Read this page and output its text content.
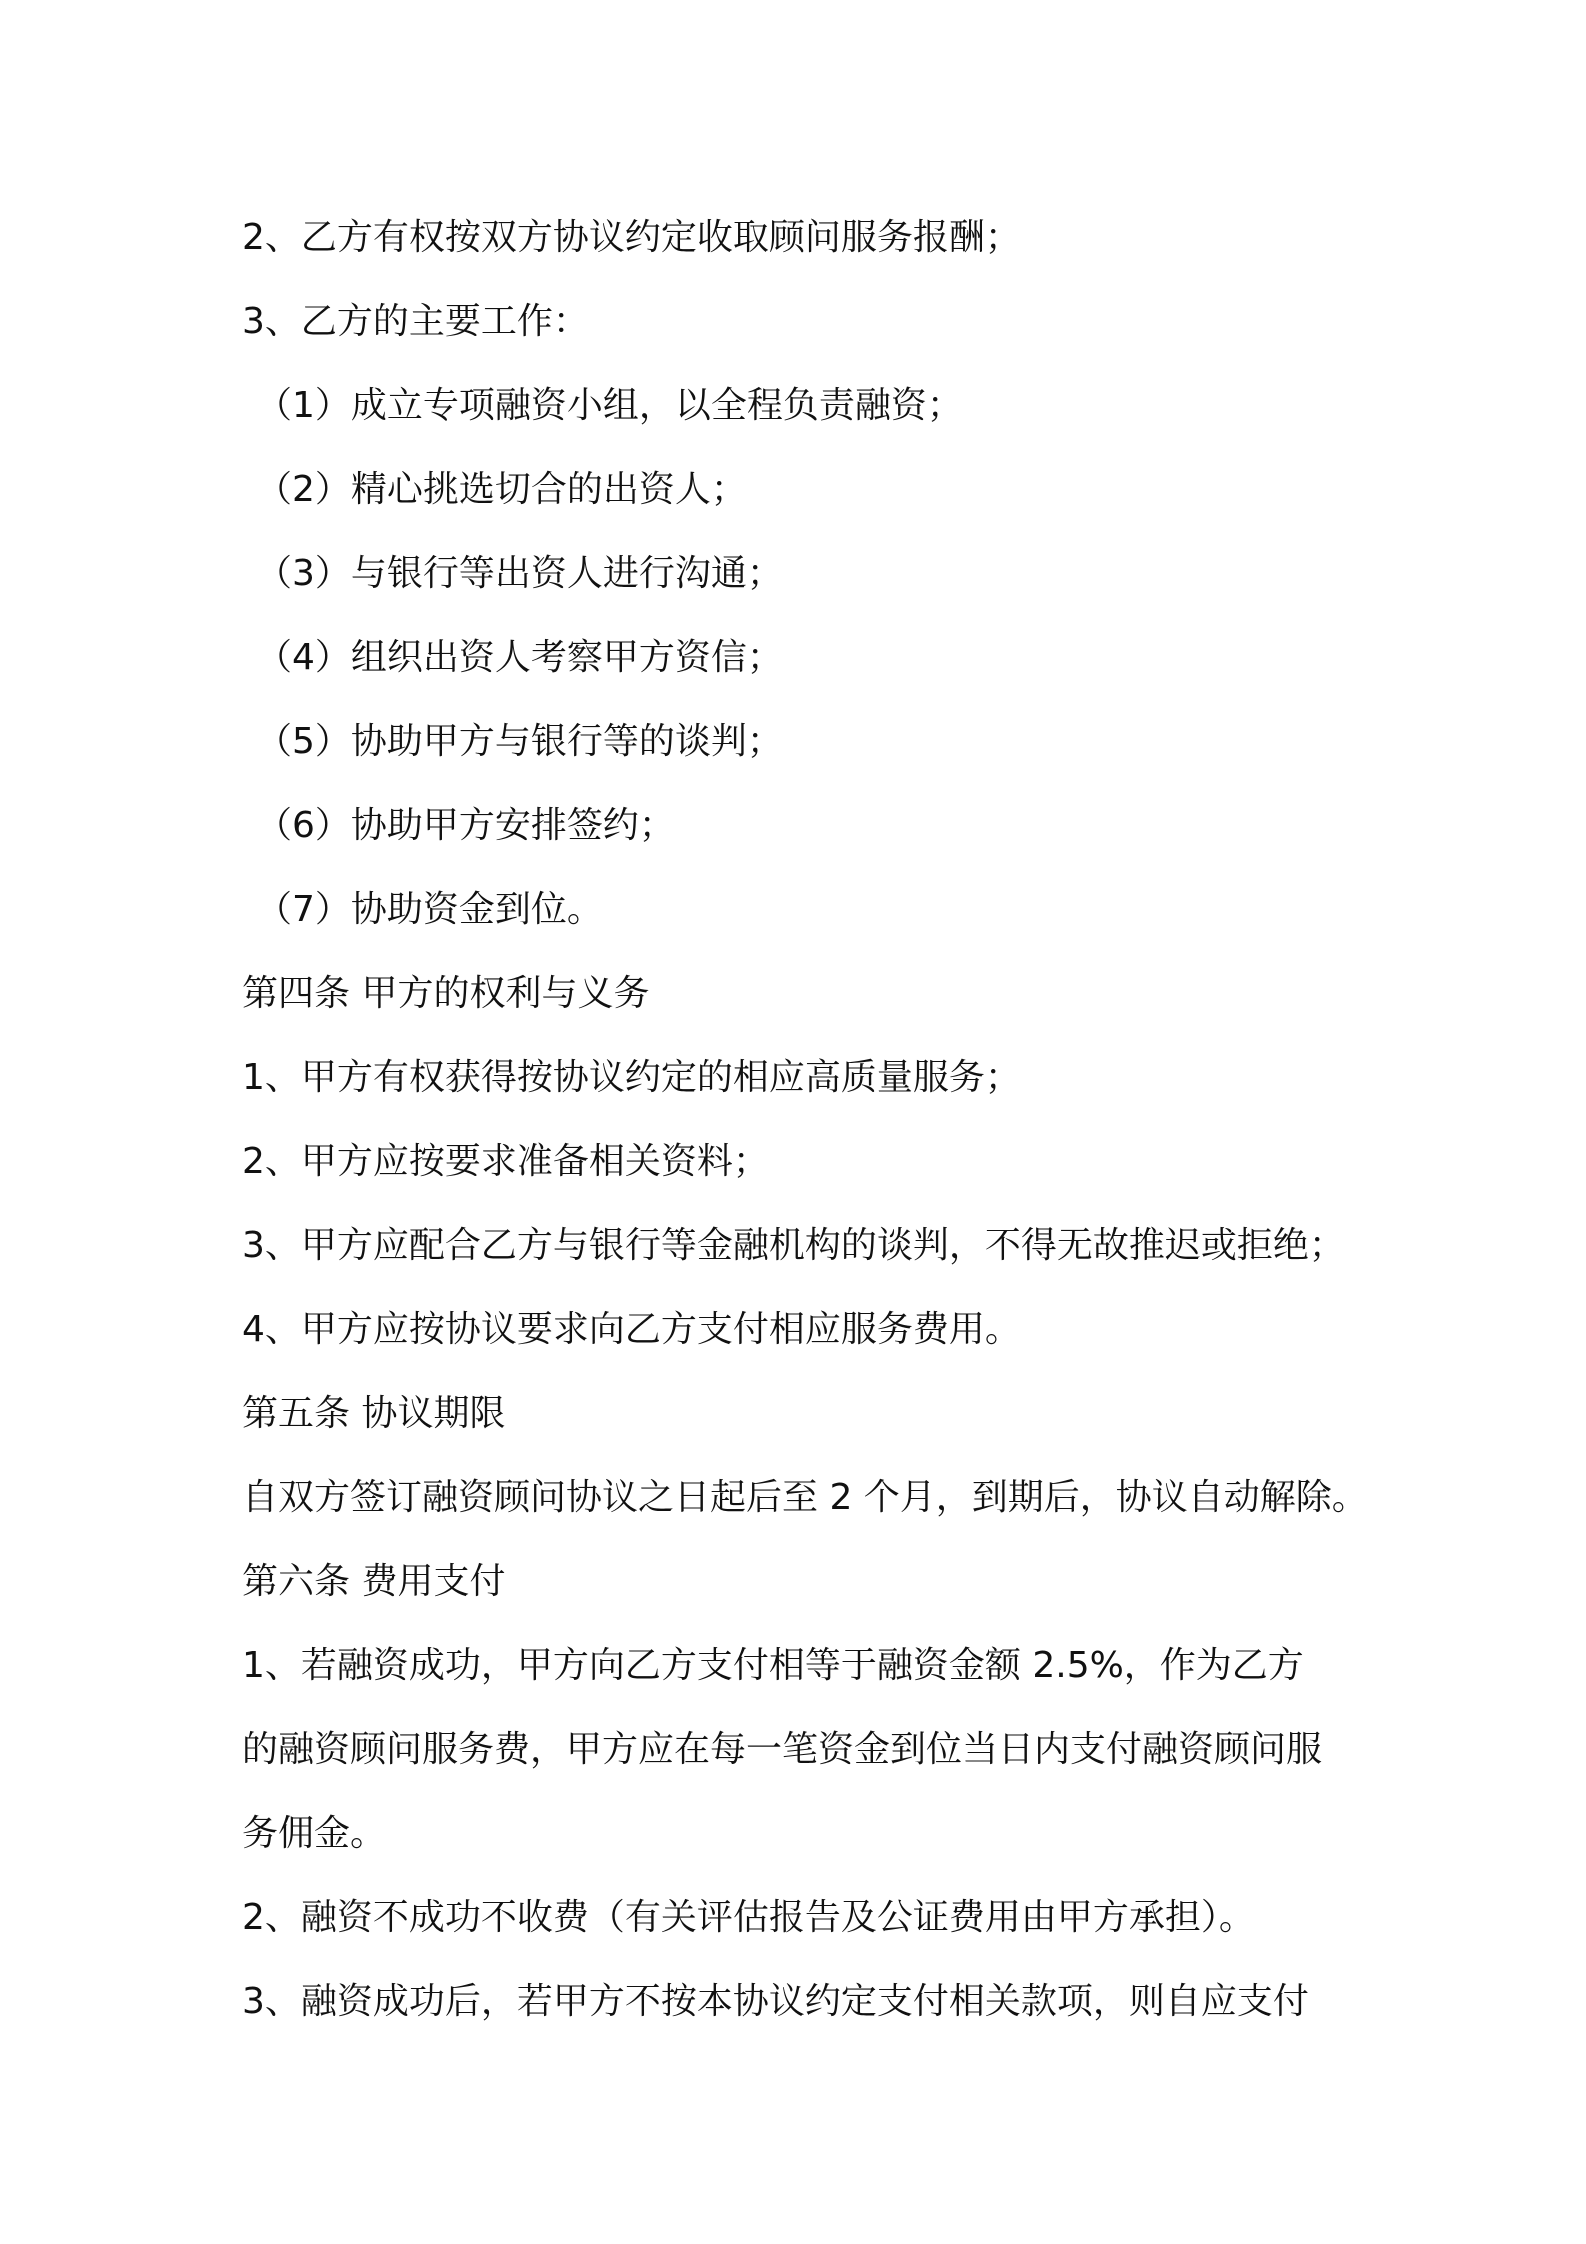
2、乙方有权按双方协议约定收取顾问服务报酬；
3、乙方的主要工作：
（1）成立专项融资小组，以全程负责融资；
（2）精心挑选切合的出资人；
（3）与银行等出资人进行沟通；
（4）组织出资人考察甲方资信；
（5）协助甲方与银行等的谈判；
（6）协助甲方安排签约；
（7）协助资金到位。
第四条 甲方的权利与义务
1、甲方有权获得按协议约定的相应高质量服务；
2、甲方应按要求准备相关资料；
3、甲方应配合乙方与银行等金融机构的谈判，不得无故推迟或拒绝；
4、甲方应按协议要求向乙方支付相应服务费用。
第五条 协议期限
自双方签订融资顾问协议之日起后至 2 个月，到期后，协议自动解除。
第六条 费用支付
1、若融资成功，甲方向乙方支付相等于融资金额 2.5%，作为乙方
的融资顾问服务费，甲方应在每一笔资金到位当日内支付融资顾问服
务佣金。
2、融资不成功不收费（有关评估报告及公证费用由甲方承担）。
3、融资成功后，若甲方不按本协议约定支付相关款项，则自应支付
